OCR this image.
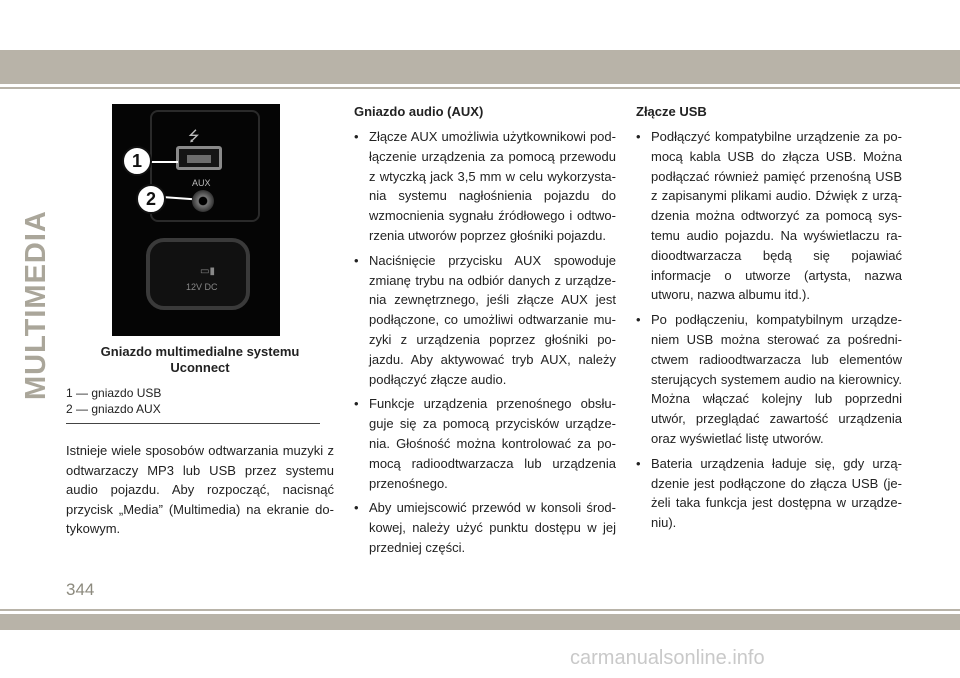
MULTIMEDIA
⭍
AUX
▭▮
12V DC
1
2
Gniazdo multimedialne systemu Uconnect
1 — gniazdo USB
2 — gniazdo AUX
Istnieje wiele sposobów odtwarzania muzyki z odtwarzaczy MP3 lub USB przez systemu audio pojazdu. Aby rozpocząć, nacisnąć przycisk „Media” (Multimedia) na ekranie dotykowym.
Gniazdo audio (AUX)
• Złącze AUX umożliwia użytkownikowi podłączenie urządzenia za pomocą przewodu z wtyczką jack 3,5 mm w celu wykorzystania systemu nagłośnienia pojazdu do wzmocnienia sygnału źródłowego i odtworzenia utworów poprzez głośniki pojazdu.
• Naciśnięcie przycisku AUX spowoduje zmianę trybu na odbiór danych z urządzenia zewnętrznego, jeśli złącze AUX jest podłączone, co umożliwi odtwarzanie muzyki z urządzenia poprzez głośniki pojazdu. Aby aktywować tryb AUX, należy podłączyć złącze audio.
• Funkcje urządzenia przenośnego obsługuje się za pomocą przycisków urządzenia. Głośność można kontrolować za pomocą radioodtwarzacza lub urządzenia przenośnego.
• Aby umiejscowić przewód w konsoli środkowej, należy użyć punktu dostępu w jej przedniej części.
Złącze USB
• Podłączyć kompatybilne urządzenie za pomocą kabla USB do złącza USB. Można podłączać również pamięć przenośną USB z zapisanymi plikami audio. Dźwięk z urządzenia można odtworzyć za pomocą systemu audio pojazdu. Na wyświetlaczu radioodtwarzacza będą się pojawiać informacje o utworze (artysta, nazwa utworu, nazwa albumu itd.).
• Po podłączeniu, kompatybilnym urządzeniem USB można sterować za pośrednictwem radioodtwarzacza lub elementów sterujących systemem audio na kierownicy. Można włączać kolejny lub poprzedni utwór, przeglądać zawartość urządzenia oraz wyświetlać listę utworów.
• Bateria urządzenia ładuje się, gdy urządzenie jest podłączone do złącza USB (jeżeli taka funkcja jest dostępna w urządzeniu).
344
carmanualsonline.info
